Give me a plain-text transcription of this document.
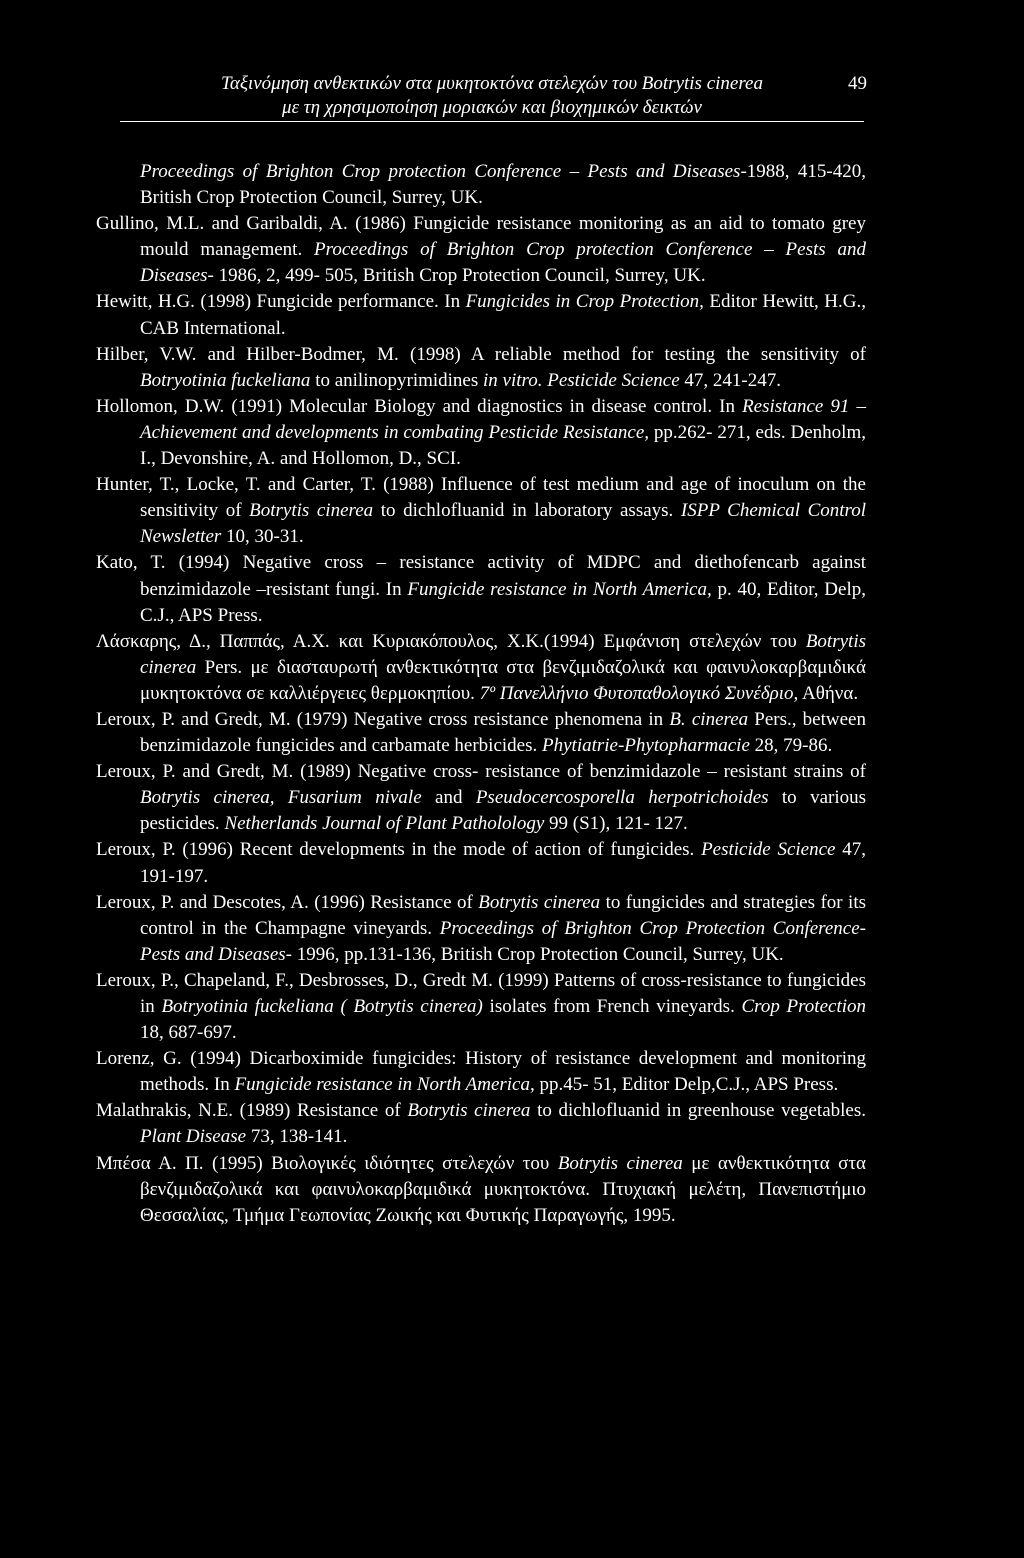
Ταξινόμηση ανθεκτικών στα μυκητοκτόνα στελεχών του Botrytis cinerea
με τη χρησιμοποίηση μοριακών και βιοχημικών δεικτών
49

Proceedings of Brighton Crop protection Conference – Pests and Diseases-1988, 415-420, British Crop Protection Council, Surrey, UK.

Gullino, M.L. and Garibaldi, A. (1986) Fungicide resistance monitoring as an aid to tomato grey mould management. Proceedings of Brighton Crop protection Conference – Pests and Diseases- 1986, 2, 499- 505, British Crop Protection Council, Surrey, UK.

Hewitt, H.G. (1998) Fungicide performance. In Fungicides in Crop Protection, Editor Hewitt, H.G., CAB International.

Hilber, V.W. and Hilber-Bodmer, M. (1998) A reliable method for testing the sensitivity of Botryotinia fuckeliana to anilinopyrimidines in vitro. Pesticide Science 47, 241-247.

Hollomon, D.W. (1991) Molecular Biology and diagnostics in disease control. In Resistance 91 – Achievement and developments in combating Pesticide Resistance, pp.262- 271, eds. Denholm, I., Devonshire, A. and Hollomon, D., SCI.

Hunter, T., Locke, T. and Carter, T. (1988) Influence of test medium and age of inoculum on the sensitivity of Botrytis cinerea to dichlofluanid in laboratory assays. ISPP Chemical Control Newsletter 10, 30-31.

Kato, T. (1994) Negative cross – resistance activity of MDPC and diethofencarb against benzimidazole –resistant fungi. In Fungicide resistance in North America, p. 40, Editor, Delp, C.J., APS Press.

Λάσκαρης, Δ., Παππάς, Α.Χ. και Κυριακόπουλος, Χ.Κ.(1994) Εμφάνιση στελεχών του Botrytis cinerea Pers. με διασταυρωτή ανθεκτικότητα στα βενζιμιδαζολικά και φαινυλοκαρβαμιδικά μυκητοκτόνα σε καλλιέργειες θερμοκηπίου. 7º Πανελλήνιο Φυτοπαθολογικό Συνέδριο, Αθήνα.

Leroux, P. and Gredt, M. (1979) Negative cross resistance phenomena in B. cinerea Pers., between benzimidazole fungicides and carbamate herbicides. Phytiatrie-Phytopharmacie 28, 79-86.

Leroux, P. and Gredt, M. (1989) Negative cross- resistance of benzimidazole – resistant strains of Botrytis cinerea, Fusarium nivale and Pseudocercosporella herpotrichoides to various pesticides. Netherlands Journal of Plant Patholology 99 (S1), 121- 127.

Leroux, P. (1996) Recent developments in the mode of action of fungicides. Pesticide Science 47, 191-197.

Leroux, P. and Descotes, A. (1996) Resistance of Botrytis cinerea to fungicides and strategies for its control in the Champagne vineyards. Proceedings of Brighton Crop Protection Conference- Pests and Diseases- 1996, pp.131-136, British Crop Protection Council, Surrey, UK.

Leroux, P., Chapeland, F., Desbrosses, D., Gredt M. (1999) Patterns of cross-resistance to fungicides in Botryotinia fuckeliana ( Botrytis cinerea) isolates from French vineyards. Crop Protection 18, 687-697.

Lorenz, G. (1994) Dicarboximide fungicides: History of resistance development and monitoring methods. In Fungicide resistance in North America, pp.45- 51, Editor Delp,C.J., APS Press.

Malathrakis, N.E. (1989) Resistance of Botrytis cinerea to dichlofluanid in greenhouse vegetables. Plant Disease 73, 138-141.

Μπέσα Α. Π. (1995) Βιολογικές ιδιότητες στελεχών του Botrytis cinerea με ανθεκτικότητα στα βενζιμιδαζολικά και φαινυλοκαρβαμιδικά μυκητοκτόνα. Πτυχιακή μελέτη, Πανεπιστήμιο Θεσσαλίας, Τμήμα Γεωπονίας Ζωικής και Φυτικής Παραγωγής, 1995.
